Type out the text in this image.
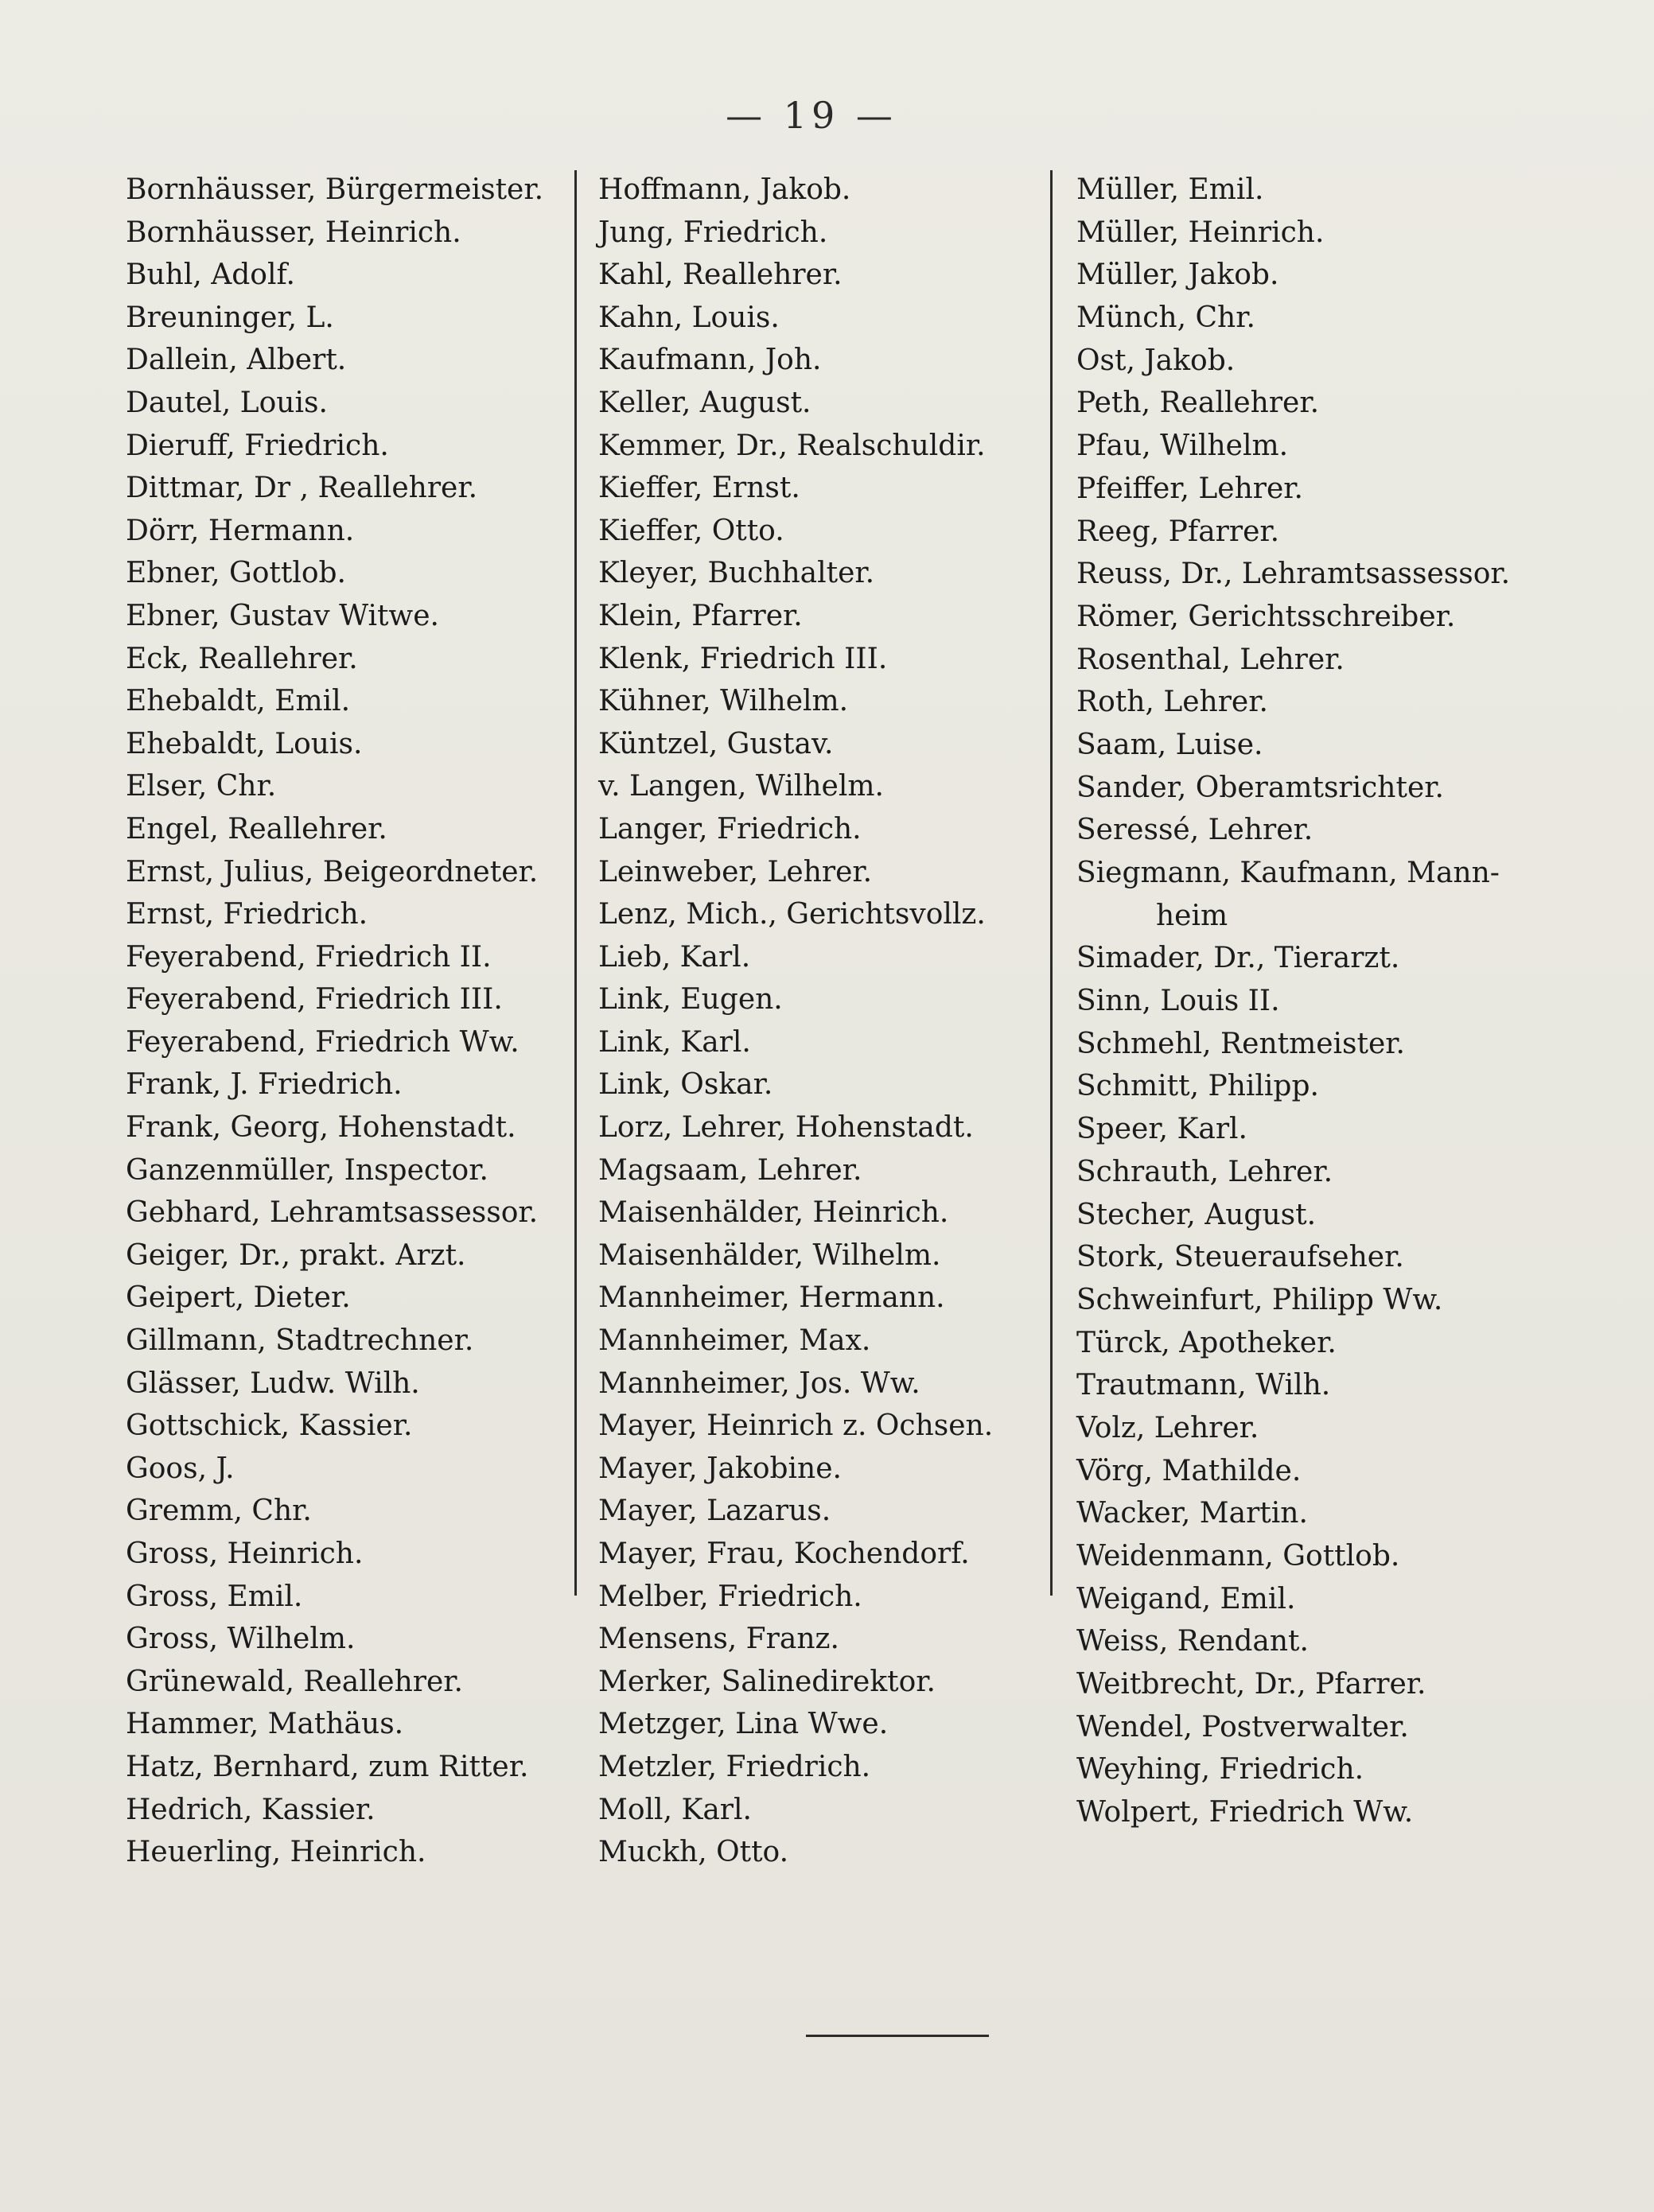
— 19 —
Bornhäusser, Bürgermeister.
Bornhäusser, Heinrich.
Buhl, Adolf.
Breuninger, L.
Dallein, Albert.
Dautel, Louis.
Dieruff, Friedrich.
Dittmar, Dr , Reallehrer.
Dörr, Hermann.
Ebner, Gottlob.
Ebner, Gustav Witwe.
Eck, Reallehrer.
Ehebaldt, Emil.
Ehebaldt, Louis.
Elser, Chr.
Engel, Reallehrer.
Ernst, Julius, Beigeordneter.
Ernst, Friedrich.
Feyerabend, Friedrich II.
Feyerabend, Friedrich III.
Feyerabend, Friedrich Ww.
Frank, J. Friedrich.
Frank, Georg, Hohenstadt.
Ganzenmüller, Inspector.
Gebhard, Lehramtsassessor.
Geiger, Dr., prakt. Arzt.
Geipert, Dieter.
Gillmann, Stadtrechner.
Glässer, Ludw. Wilh.
Gottschick, Kassier.
Goos, J.
Gremm, Chr.
Gross, Heinrich.
Gross, Emil.
Gross, Wilhelm.
Grünewald, Reallehrer.
Hammer, Mathäus.
Hatz, Bernhard, zum Ritter.
Hedrich, Kassier.
Heuerling, Heinrich.
Hoffmann, Jakob.
Jung, Friedrich.
Kahl, Reallehrer.
Kahn, Louis.
Kaufmann, Joh.
Keller, August.
Kemmer, Dr., Realschuldir.
Kieffer, Ernst.
Kieffer, Otto.
Kleyer, Buchhalter.
Klein, Pfarrer.
Klenk, Friedrich III.
Kühner, Wilhelm.
Küntzel, Gustav.
v. Langen, Wilhelm.
Langer, Friedrich.
Leinweber, Lehrer.
Lenz, Mich., Gerichtsvollz.
Lieb, Karl.
Link, Eugen.
Link, Karl.
Link, Oskar.
Lorz, Lehrer, Hohenstadt.
Magsaam, Lehrer.
Maisenhälder, Heinrich.
Maisenhälder, Wilhelm.
Mannheimer, Hermann.
Mannheimer, Max.
Mannheimer, Jos. Ww.
Mayer, Heinrich z. Ochsen.
Mayer, Jakobine.
Mayer, Lazarus.
Mayer, Frau, Kochendorf.
Melber, Friedrich.
Mensens, Franz.
Merker, Salinedirektor.
Metzger, Lina Wwe.
Metzler, Friedrich.
Moll, Karl.
Muckh, Otto.
Müller, Emil.
Müller, Heinrich.
Müller, Jakob.
Münch, Chr.
Ost, Jakob.
Peth, Reallehrer.
Pfau, Wilhelm.
Pfeiffer, Lehrer.
Reeg, Pfarrer.
Reuss, Dr., Lehramtsassessor.
Römer, Gerichtsschreiber.
Rosenthal, Lehrer.
Roth, Lehrer.
Saam, Luise.
Sander, Oberamtsrichter.
Seressé, Lehrer.
Siegmann, Kaufmann, Mann-
heim
Simader, Dr., Tierarzt.
Sinn, Louis II.
Schmehl, Rentmeister.
Schmitt, Philipp.
Speer, Karl.
Schrauth, Lehrer.
Stecher, August.
Stork, Steueraufseher.
Schweinfurt, Philipp Ww.
Türck, Apotheker.
Trautmann, Wilh.
Volz, Lehrer.
Vörg, Mathilde.
Wacker, Martin.
Weidenmann, Gottlob.
Weigand, Emil.
Weiss, Rendant.
Weitbrecht, Dr., Pfarrer.
Wendel, Postverwalter.
Weyhing, Friedrich.
Wolpert, Friedrich Ww.
